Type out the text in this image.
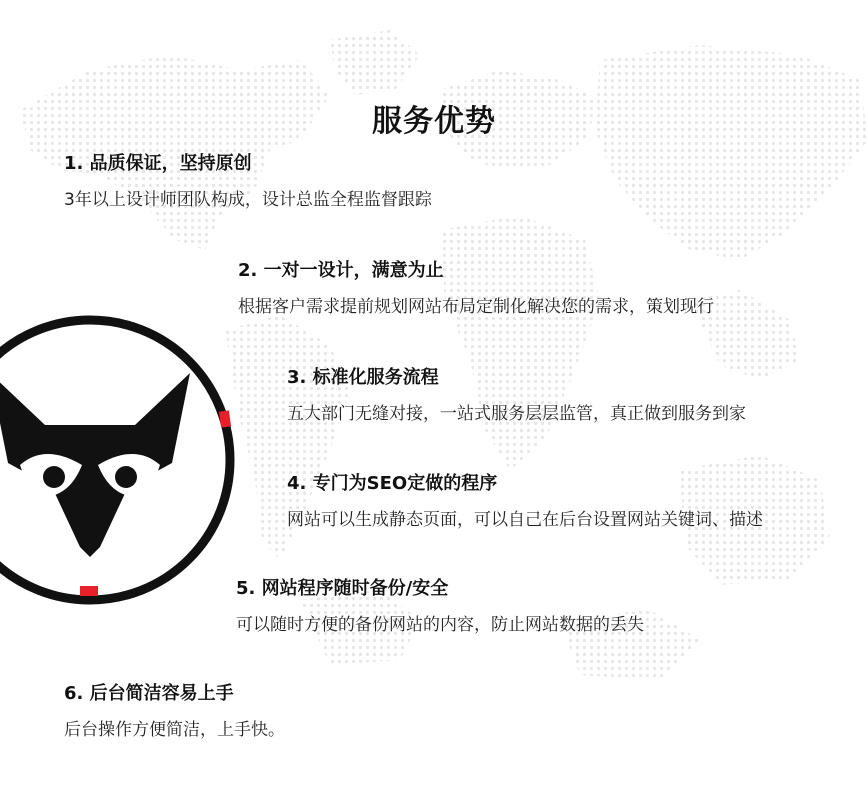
服务优势
1. 品质保证，坚持原创
3年以上设计师团队构成，设计总监全程监督跟踪
2. 一对一设计，满意为止
根据客户需求提前规划网站布局定制化解决您的需求，策划现行
3. 标准化服务流程
五大部门无缝对接，一站式服务层层监管，真正做到服务到家
4. 专门为SEO定做的程序
网站可以生成静态页面，可以自己在后台设置网站关键词、描述
5. 网站程序随时备份/安全
可以随时方便的备份网站的内容，防止网站数据的丢失
6. 后台简洁容易上手
后台操作方便简洁，上手快。
